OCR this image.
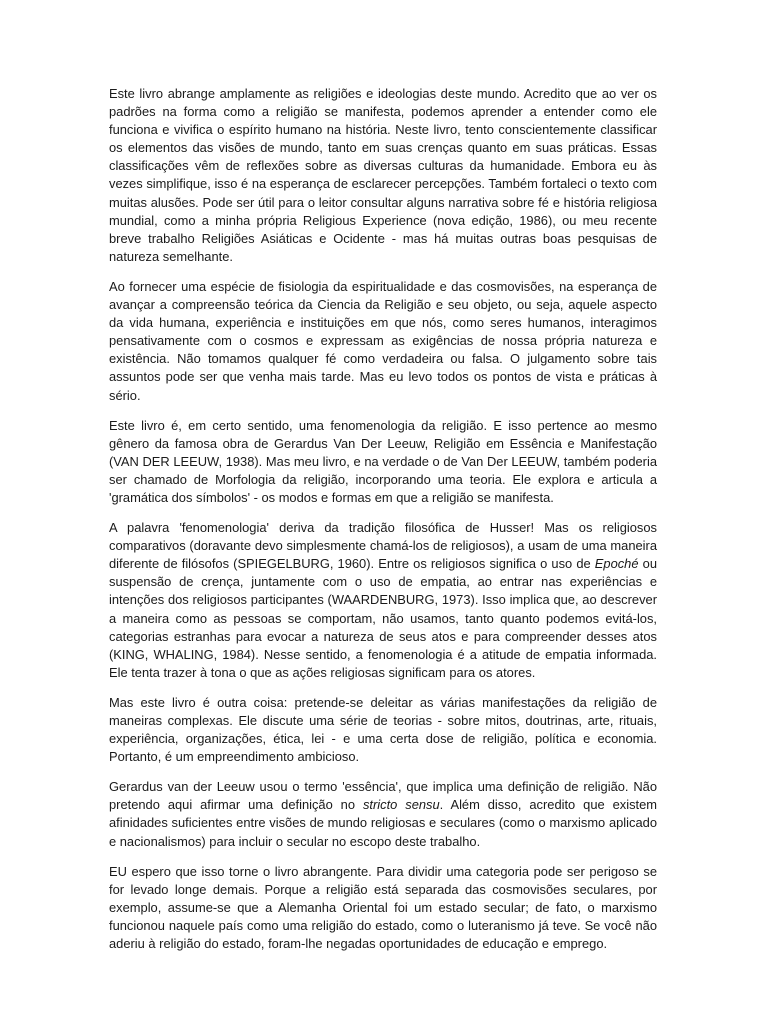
Este livro abrange amplamente as religiões e ideologias deste mundo. Acredito que ao ver os padrões na forma como a religião se manifesta, podemos aprender a entender como ele funciona e vivifica o espírito humano na história. Neste livro, tento conscientemente classificar os elementos das visões de mundo, tanto em suas crenças quanto em suas práticas. Essas classificações vêm de reflexões sobre as diversas culturas da humanidade. Embora eu às vezes simplifique, isso é na esperança de esclarecer percepções. Também fortaleci o texto com muitas alusões. Pode ser útil para o leitor consultar alguns narrativa sobre fé e história religiosa mundial, como a minha própria Religious Experience (nova edição, 1986), ou meu recente breve trabalho Religiões Asiáticas e Ocidente - mas há muitas outras boas pesquisas de natureza semelhante.

Ao fornecer uma espécie de fisiologia da espiritualidade e das cosmovisões, na esperança de avançar a compreensão teórica da Ciencia da Religião e seu objeto, ou seja, aquele aspecto da vida humana, experiência e instituições em que nós, como seres humanos, interagimos pensativamente com o cosmos e expressam as exigências de nossa própria natureza e existência. Não tomamos qualquer fé como verdadeira ou falsa. O julgamento sobre tais assuntos pode ser que venha mais tarde. Mas eu levo todos os pontos de vista e práticas à sério.

Este livro é, em certo sentido, uma fenomenologia da religião. E isso pertence ao mesmo gênero da famosa obra de Gerardus Van Der Leeuw, Religião em Essência e Manifestação (VAN DER LEEUW, 1938). Mas meu livro, e na verdade o de Van Der LEEUW, também poderia ser chamado de Morfologia da religião, incorporando uma teoria. Ele explora e articula a 'gramática dos símbolos' - os modos e formas em que a religião se manifesta.

A palavra 'fenomenologia' deriva da tradição filosófica de Husser! Mas os religiosos comparativos (doravante devo simplesmente chamá-los de religiosos), a usam de uma maneira diferente de filósofos (SPIEGELBURG, 1960). Entre os religiosos significa o uso de Epoché ou suspensão de crença, juntamente com o uso de empatia, ao entrar nas experiências e intenções dos religiosos participantes (WAARDENBURG, 1973). Isso implica que, ao descrever a maneira como as pessoas se comportam, não usamos, tanto quanto podemos evitá-los, categorias estranhas para evocar a natureza de seus atos e para compreender desses atos (KING, WHALING, 1984). Nesse sentido, a fenomenologia é a atitude de empatia informada. Ele tenta trazer à tona o que as ações religiosas significam para os atores.

Mas este livro é outra coisa: pretende-se deleitar as várias manifestações da religião de maneiras complexas. Ele discute uma série de teorias - sobre mitos, doutrinas, arte, rituais, experiência, organizações, ética, lei - e uma certa dose de religião, política e economia. Portanto, é um empreendimento ambicioso.

Gerardus van der Leeuw usou o termo 'essência', que implica uma definição de religião. Não pretendo aqui afirmar uma definição no stricto sensu. Além disso, acredito que existem afinidades suficientes entre visões de mundo religiosas e seculares (como o marxismo aplicado e nacionalismos) para incluir o secular no escopo deste trabalho.

EU espero que isso torne o livro abrangente. Para dividir uma categoria pode ser perigoso se for levado longe demais. Porque a religião está separada das cosmovisões seculares, por exemplo, assume-se que a Alemanha Oriental foi um estado secular; de fato, o marxismo funcionou naquele país como uma religião do estado, como o luteranismo já teve. Se você não aderiu à religião do estado, foram-lhe negadas oportunidades de educação e emprego.
